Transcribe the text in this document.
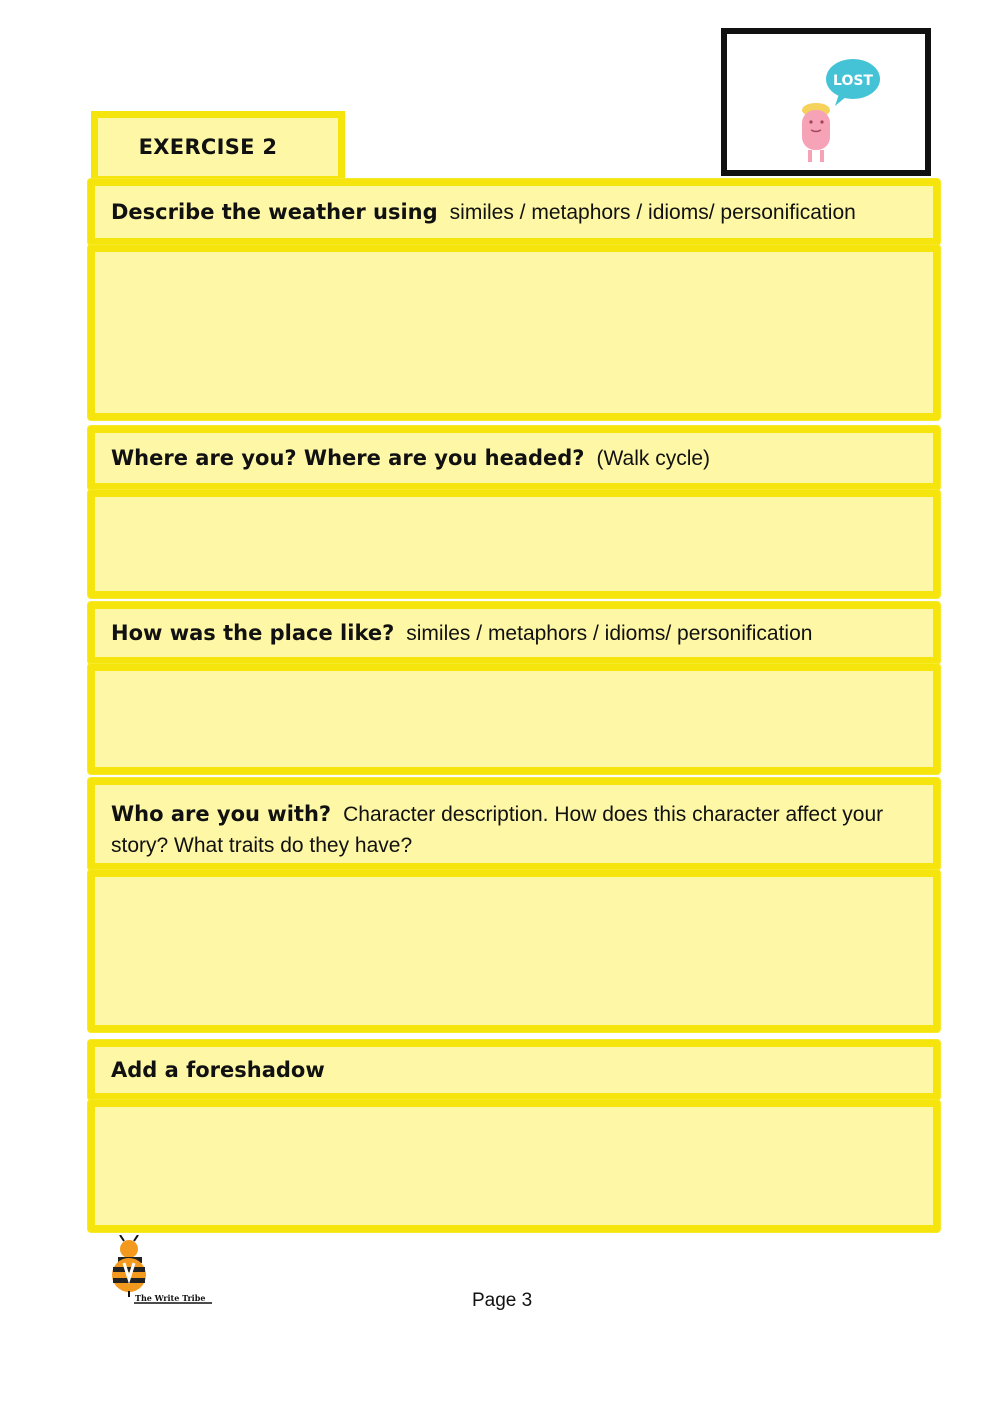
EXERCISE 2
LOST
Describe the weather using similes / metaphors / idioms/ personification
Where are you? Where are you headed? (Walk cycle)
How was the place like? similes / metaphors / idioms/ personification
Who are you with? Character description. How does this character affect your story? What traits do they have?
Add a foreshadow
The Write Tribe	Page 3
